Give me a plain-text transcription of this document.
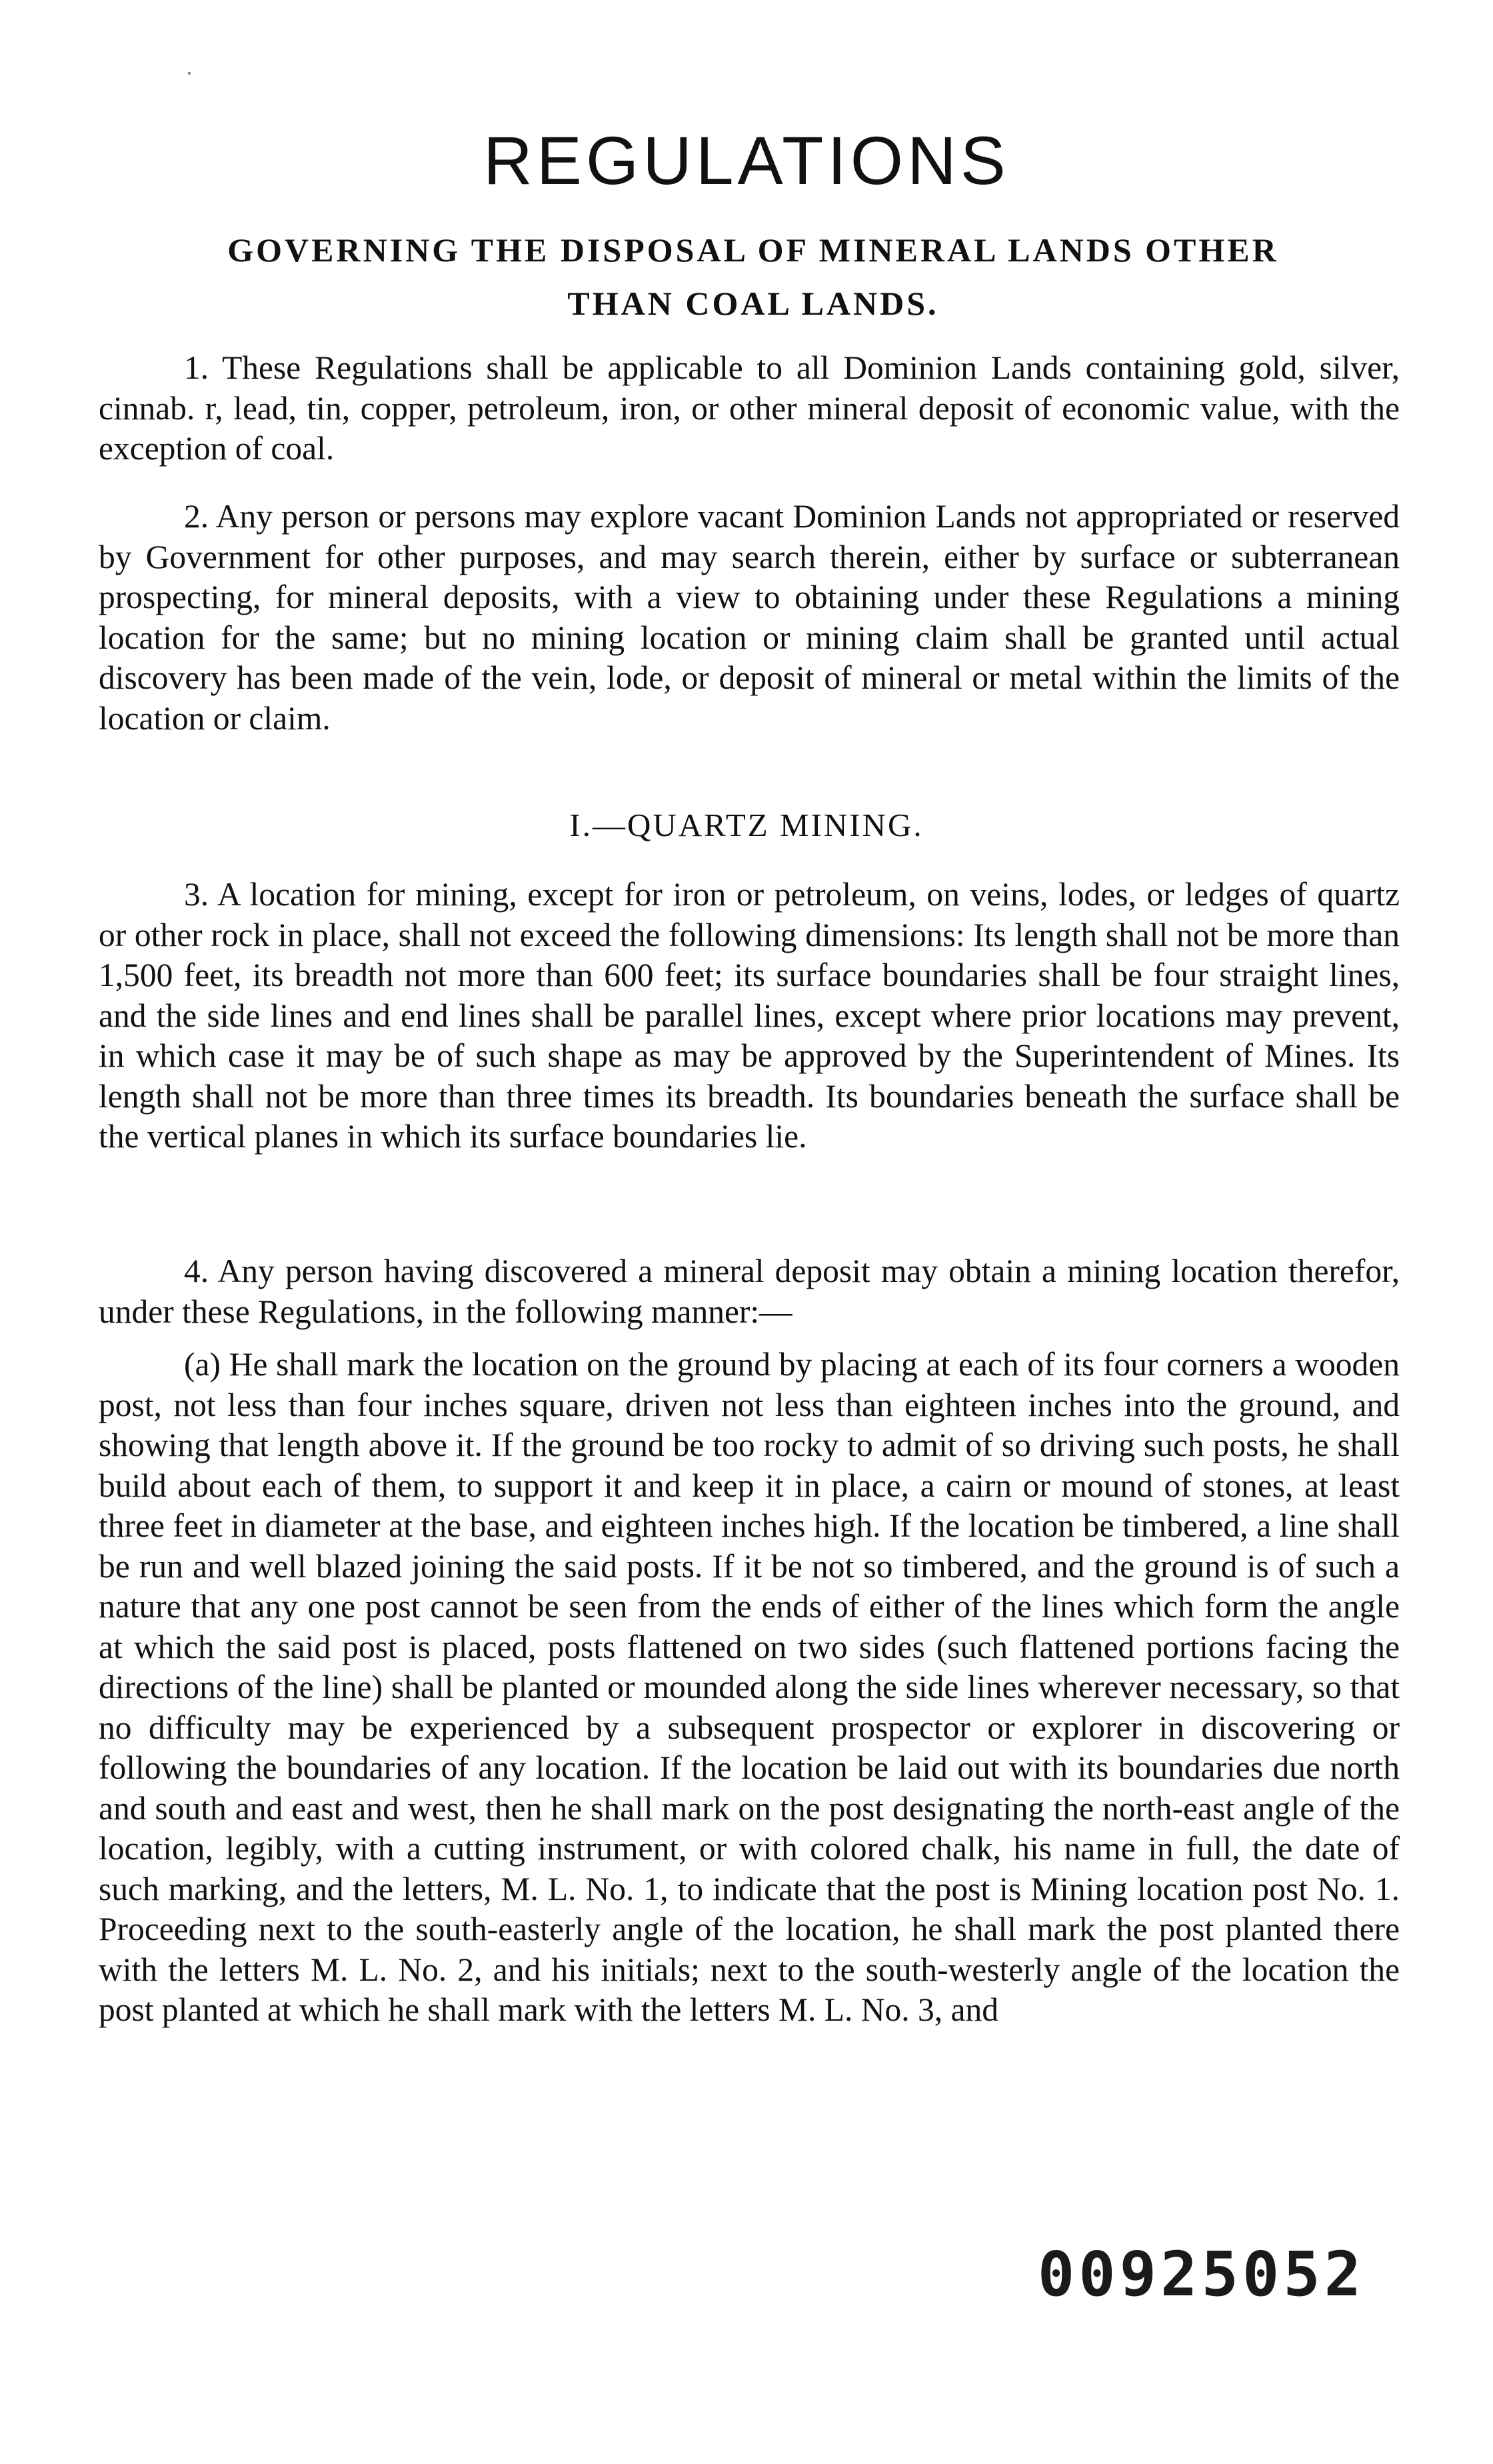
REGULATIONS
GOVERNING THE DISPOSAL OF MINERAL LANDS OTHER
THAN COAL LANDS.

1. These Regulations shall be applicable to all Dominion Lands containing gold, silver, cinnab. r, lead, tin, copper, petroleum, iron, or other mineral deposit of economic value, with the exception of coal.

2. Any person or persons may explore vacant Dominion Lands not appropriated or reserved by Government for other purposes, and may search therein, either by surface or subterranean prospecting, for mineral deposits, with a view to obtaining under these Regulations a mining location for the same; but no mining location or mining claim shall be granted until actual discovery has been made of the vein, lode, or deposit of mineral or metal within the limits of the location or claim.

I.—QUARTZ MINING.

3. A location for mining, except for iron or petroleum, on veins, lodes, or ledges of quartz or other rock in place, shall not exceed the following dimensions: Its length shall not be more than 1,500 feet, its breadth not more than 600 feet; its surface boundaries shall be four straight lines, and the side lines and end lines shall be parallel lines, except where prior locations may prevent, in which case it may be of such shape as may be approved by the Superintendent of Mines. Its length shall not be more than three times its breadth. Its boundaries beneath the surface shall be the vertical planes in which its surface boundaries lie.

4. Any person having discovered a mineral deposit may obtain a mining location therefor, under these Regulations, in the following manner:—

(a) He shall mark the location on the ground by placing at each of its four corners a wooden post, not less than four inches square, driven not less than eighteen inches into the ground, and showing that length above it. If the ground be too rocky to admit of so driving such posts, he shall build about each of them, to support it and keep it in place, a cairn or mound of stones, at least three feet in diameter at the base, and eighteen inches high. If the location be timbered, a line shall be run and well blazed joining the said posts. If it be not so timbered, and the ground is of such a nature that any one post cannot be seen from the ends of either of the lines which form the angle at which the said post is placed, posts flattened on two sides (such flattened portions facing the directions of the line) shall be planted or mounded along the side lines wherever necessary, so that no difficulty may be experienced by a subsequent prospector or explorer in discovering or following the boundaries of any location. If the location be laid out with its boundaries due north and south and east and west, then he shall mark on the post designating the north-east angle of the location, legibly, with a cutting instrument, or with colored chalk, his name in full, the date of such marking, and the letters, M. L. No. 1, to indicate that the post is Mining location post No. 1. Proceeding next to the south-easterly angle of the location, he shall mark the post planted there with the letters M. L. No. 2, and his initials; next to the south-westerly angle of the location the post planted at which he shall mark with the letters M. L. No. 3, and

00925052
